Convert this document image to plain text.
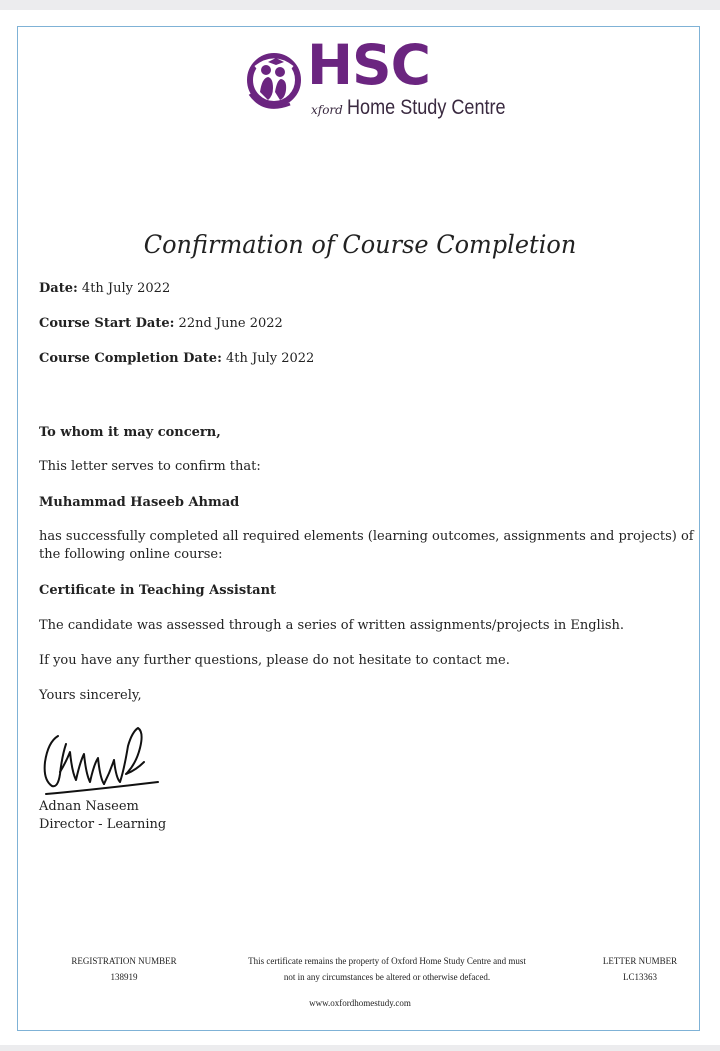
HSC
xford Home Study Centre
Confirmation of Course Completion
Date: 4th July 2022
Course Start Date: 22nd June 2022
Course Completion Date: 4th July 2022
To whom it may concern,
This letter serves to confirm that:
Muhammad Haseeb Ahmad
has successfully completed all required elements (learning outcomes, assignments and projects) of the following online course:
Certificate in Teaching Assistant
The candidate was assessed through a series of written assignments/projects in English.
If you have any further questions, please do not hesitate to contact me.
Yours sincerely,
Adnan Naseem
Director - Learning
REGISTRATION NUMBER
138919
This certificate remains the property of Oxford Home Study Centre and must
not in any circumstances be altered or otherwise defaced.
LETTER NUMBER
LC13363
www.oxfordhomestudy.com
